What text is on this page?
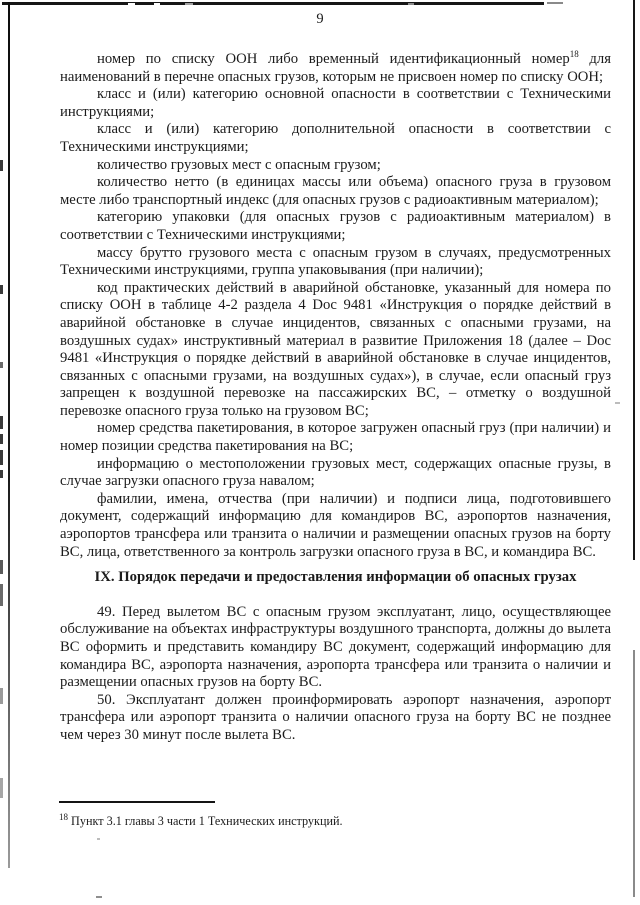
9

номер по списку ООН либо временный идентификационный номер$^{18}$ для наименований в перечне опасных грузов, которым не присвоен номер по списку ООН;

класс и (или) категорию основной опасности в соответствии с Техническими инструкциями;

класс и (или) категорию дополнительной опасности в соответствии с Техническими инструкциями;

количество грузовых мест с опасным грузом;

количество нетто (в единицах массы или объема) опасного груза в грузовом месте либо транспортный индекс (для опасных грузов с радиоактивным материалом);

категорию упаковки (для опасных грузов с радиоактивным материалом) в соответствии с Техническими инструкциями;

массу брутто грузового места с опасным грузом в случаях, предусмотренных Техническими инструкциями, группа упаковывания (при наличии);

код практических действий в аварийной обстановке, указанный для номера по списку ООН в таблице 4-2 раздела 4 Doc 9481 «Инструкция о порядке действий в аварийной обстановке в случае инцидентов, связанных с опасными грузами, на воздушных судах» инструктивный материал в развитие Приложения 18 (далее – Doc 9481 «Инструкция о порядке действий в аварийной обстановке в случае инцидентов, связанных с опасными грузами, на воздушных судах»), в случае, если опасный груз запрещен к воздушной перевозке на пассажирских ВС, – отметку о воздушной перевозке опасного груза только на грузовом ВС;

номер средства пакетирования, в которое загружен опасный груз (при наличии) и номер позиции средства пакетирования на ВС;

информацию о местоположении грузовых мест, содержащих опасные грузы, в случае загрузки опасного груза навалом;

фамилии, имена, отчества (при наличии) и подписи лица, подготовившего документ, содержащий информацию для командиров ВС, аэропортов назначения, аэропортов трансфера или транзита о наличии и размещении опасных грузов на борту ВС, лица, ответственного за контроль загрузки опасного груза в ВС, и командира ВС.

IX. Порядок передачи и предоставления информации об опасных грузах

49. Перед вылетом ВС с опасным грузом эксплуатант, лицо, осуществляющее обслуживание на объектах инфраструктуры воздушного транспорта, должны до вылета ВС оформить и представить командиру ВС документ, содержащий информацию для командира ВС, аэропорта назначения, аэропорта трансфера или транзита о наличии и размещении опасных грузов на борту ВС.

50. Эксплуатант должен проинформировать аэропорт назначения, аэропорт трансфера или аэропорт транзита о наличии опасного груза на борту ВС не позднее чем через 30 минут после вылета ВС.

$^{18}$ Пункт 3.1 главы 3 части 1 Технических инструкций.
